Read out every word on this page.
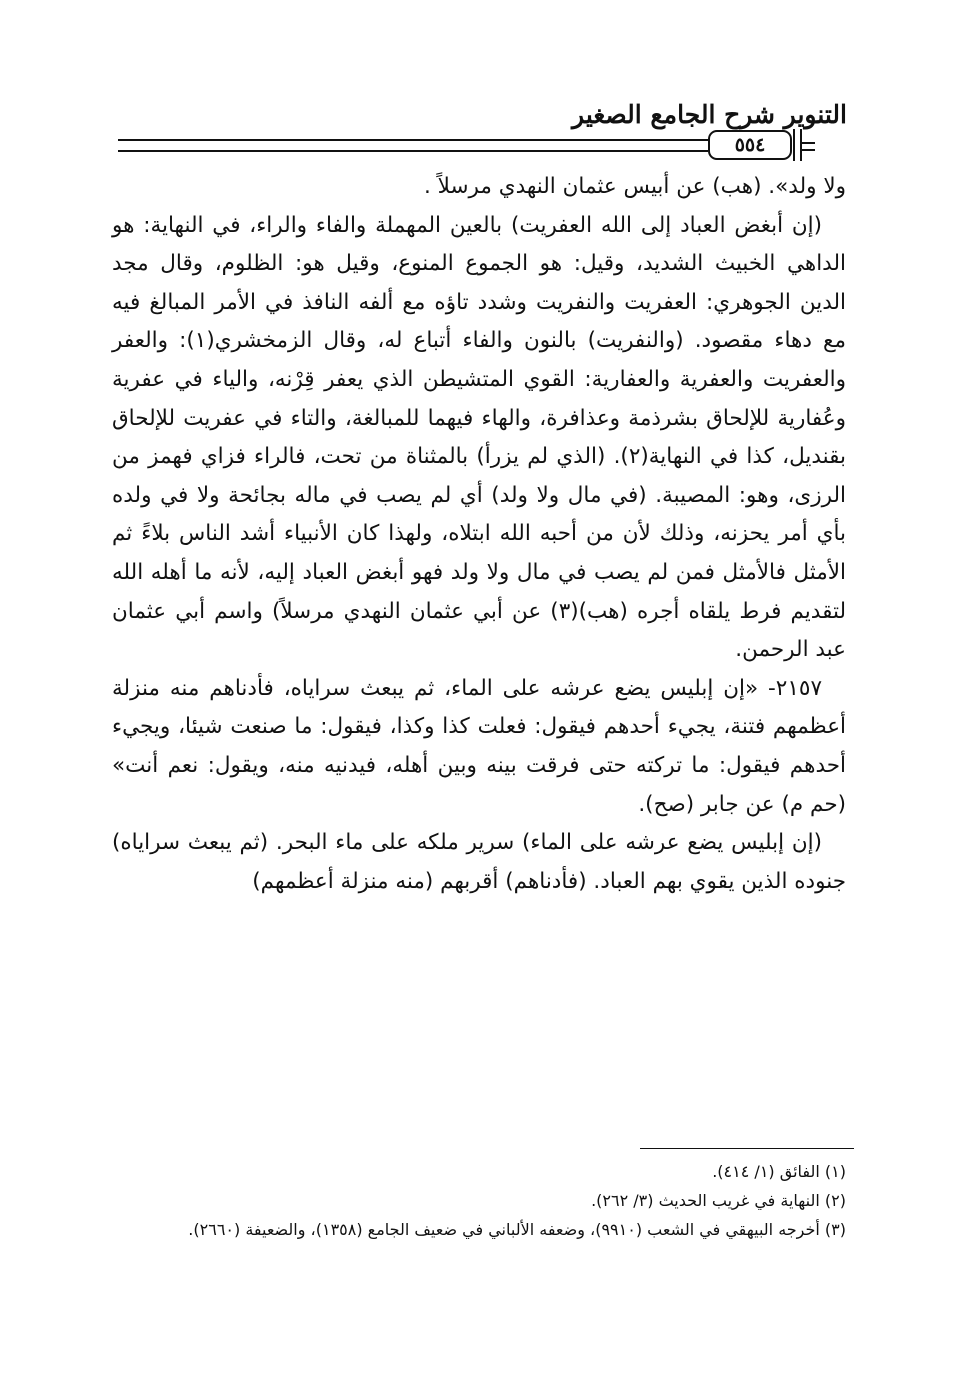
التنوير شرح الجامع الصغير
٥٥٤

ولا ولد». (هب) عن أبيس عثمان النهدي مرسلاً .

(إن أبغض العباد إلى الله العفريت) بالعين المهملة والفاء والراء، في النهاية: هو الداهي الخبيث الشديد، وقيل: هو الجموع المنوع، وقيل هو: الظلوم، وقال مجد الدين الجوهري: العفريت والنفريت وشدد تاؤه مع ألفه النافذ في الأمر المبالغ فيه مع دهاء مقصود. (والنفريت) بالنون والفاء أتباع له، وقال الزمخشري(١): والعفر والعفريت والعفرية والعفارية: القوي المتشيطن الذي يعفر قِرْنه، والياء في عفرية وعُفارية للإلحاق بشرذمة وعذافرة، والهاء فيهما للمبالغة، والتاء في عفريت للإلحاق بقنديل، كذا في النهاية(٢). (الذي لم يزرأ) بالمثناة من تحت، فالراء فزاي فهمز من الرزى، وهو: المصيبة. (في مال ولا ولد) أي لم يصب في ماله بجائحة ولا في ولده بأي أمر يحزنه، وذلك لأن من أحبه الله ابتلاه، ولهذا كان الأنبياء أشد الناس بلاءً ثم الأمثل فالأمثل فمن لم يصب في مال ولا ولد فهو أبغض العباد إليه، لأنه ما أهله الله لتقديم فرط يلقاه أجره (هب)(٣) عن أبي عثمان النهدي مرسلاً) واسم أبي عثمان عبد الرحمن.

٢١٥٧- «إن إبليس يضع عرشه على الماء، ثم يبعث سراياه، فأدناهم منه منزلة أعظمهم فتنة، يجيء أحدهم فيقول: فعلت كذا وكذا، فيقول: ما صنعت شيئا، ويجيء أحدهم فيقول: ما تركته حتى فرقت بينه وبين أهله، فيدنيه منه، ويقول: نعم أنت» (حم م) عن جابر (صح).

(إن إبليس يضع عرشه على الماء) سرير ملكه على ماء البحر. (ثم يبعث سراياه) جنوده الذين يقوي بهم العباد. (فأدناهم) أقربهم (منه منزلة أعظمهم)

(١) الفائق (١/ ٤١٤).

(٢) النهاية في غريب الحديث (٣/ ٢٦٢).

(٣) أخرجه البيهقي في الشعب (٩٩١٠)، وضعفه الألباني في ضعيف الجامع (١٣٥٨)، والضعيفة (٢٦٦٠).
